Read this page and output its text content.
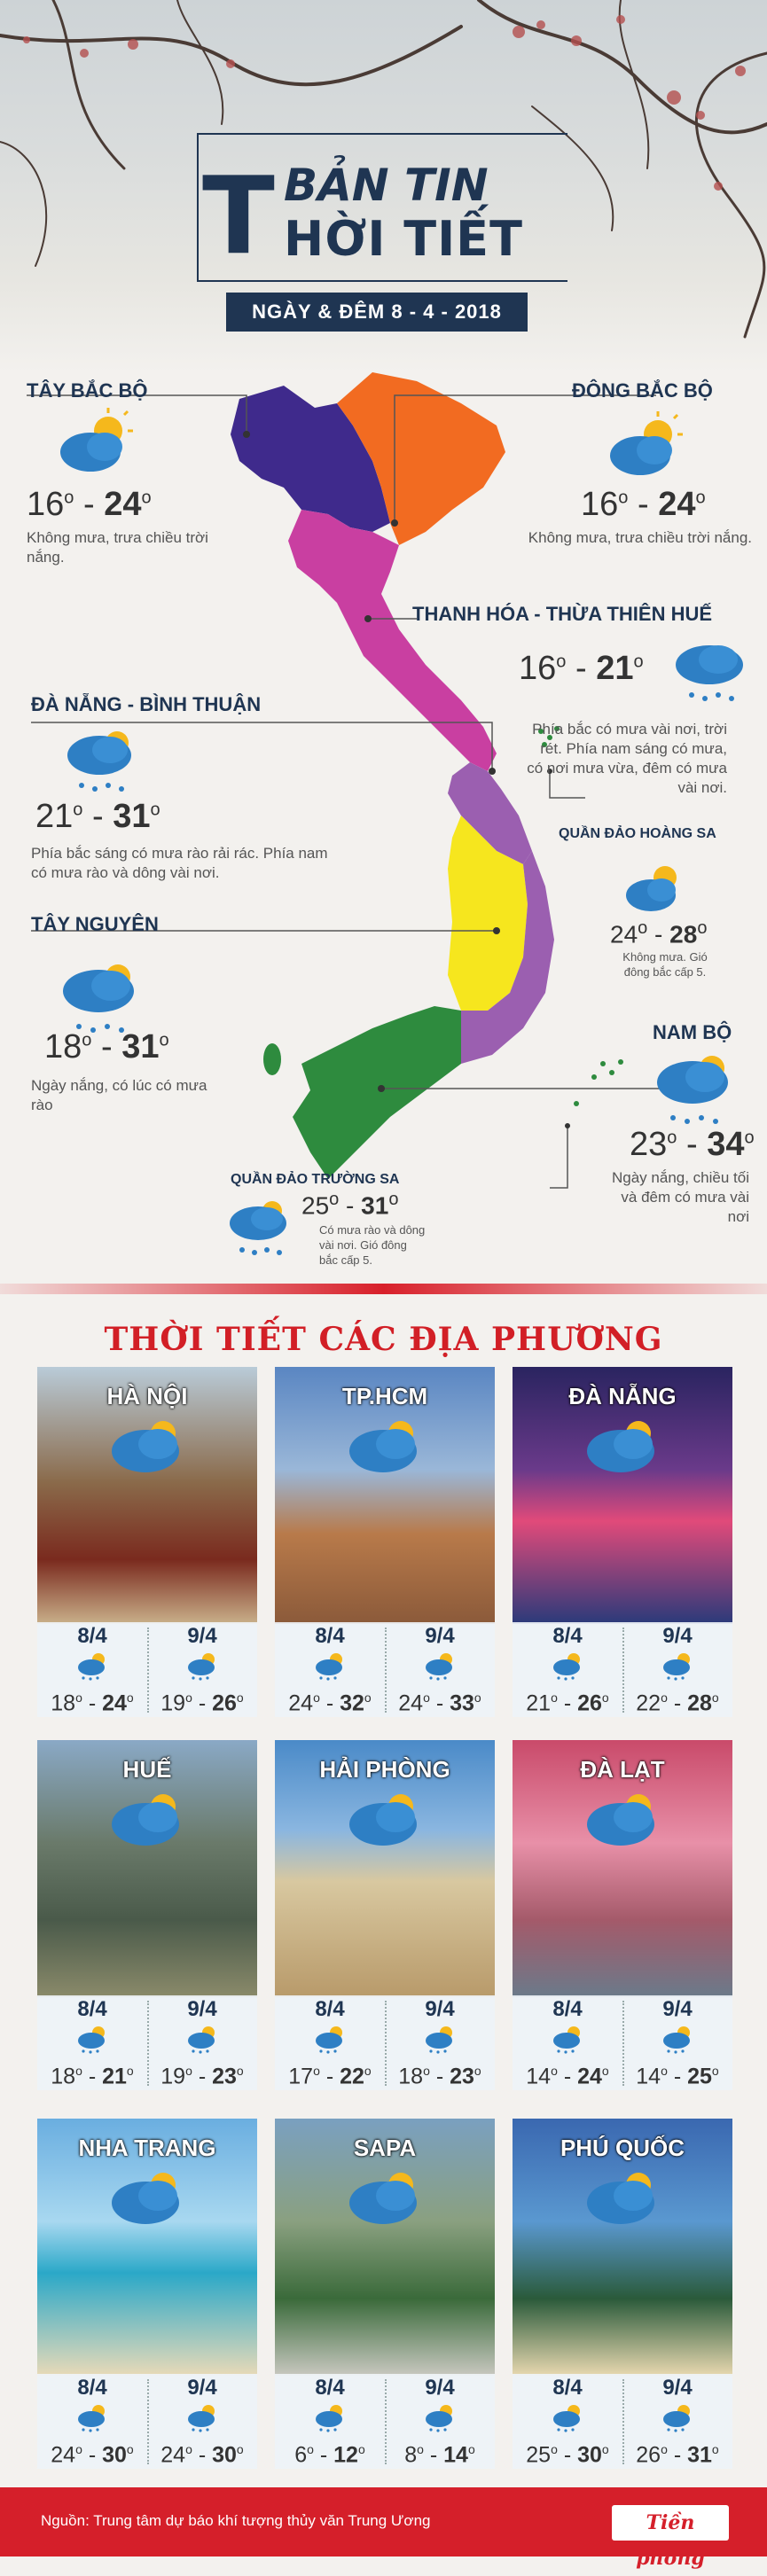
T BẢN TIN
HỜI TIẾT
NGÀY & ĐÊM 8 - 4 - 2018
TÂY BẮC BỘ
16$^o$ - 24$^o$
Không mưa, trưa chiều trời nắng.
ĐÔNG BẮC BỘ
16$^o$ - 24$^o$
Không mưa, trưa chiều trời nắng.
THANH HÓA - THỪA THIÊN HUẾ
16$^o$ - 21$^o$
Phía bắc có mưa vài nơi, trời rét. Phía nam sáng có mưa, có nơi mưa vừa, đêm có mưa vài nơi.
ĐÀ NẴNG - BÌNH THUẬN
21$^o$ - 31$^o$
Phía bắc sáng có mưa rào rải rác. Phía nam có mưa rào và dông vài nơi.
QUẦN ĐẢO HOÀNG SA
24$^o$ - 28$^o$
Không mưa. Gió đông bắc cấp 5.
TÂY NGUYÊN
18$^o$ - 31$^o$
Ngày nắng, có lúc có mưa rào
NAM BỘ
23$^o$ - 34$^o$
Ngày nắng, chiều tối và đêm có mưa vài nơi
QUẦN ĐẢO TRƯỜNG SA
25$^o$ - 31$^o$
Có mưa rào và dông vài nơi. Gió đông bắc cấp 5.
THỜI TIẾT CÁC ĐỊA PHƯƠNG
HÀ NỘI
8/4
18$^o$ - 24$^o$
9/4
19$^o$ - 26$^o$
TP.HCM
8/4
24$^o$ - 32$^o$
9/4
24$^o$ - 33$^o$
ĐÀ NẴNG
8/4
21$^o$ - 26$^o$
9/4
22$^o$ - 28$^o$
HUẾ
8/4
18$^o$ - 21$^o$
9/4
19$^o$ - 23$^o$
HẢI PHÒNG
8/4
17$^o$ - 22$^o$
9/4
18$^o$ - 23$^o$
ĐÀ LẠT
8/4
14$^o$ - 24$^o$
9/4
14$^o$ - 25$^o$
NHA TRANG
8/4
24$^o$ - 30$^o$
9/4
24$^o$ - 30$^o$
SAPA
8/4
6$^o$ - 12$^o$
9/4
8$^o$ - 14$^o$
PHÚ QUỐC
8/4
25$^o$ - 30$^o$
9/4
26$^o$ - 31$^o$
Nguồn: Trung tâm dự báo khí tượng thủy văn Trung Ương	Tiền phong
